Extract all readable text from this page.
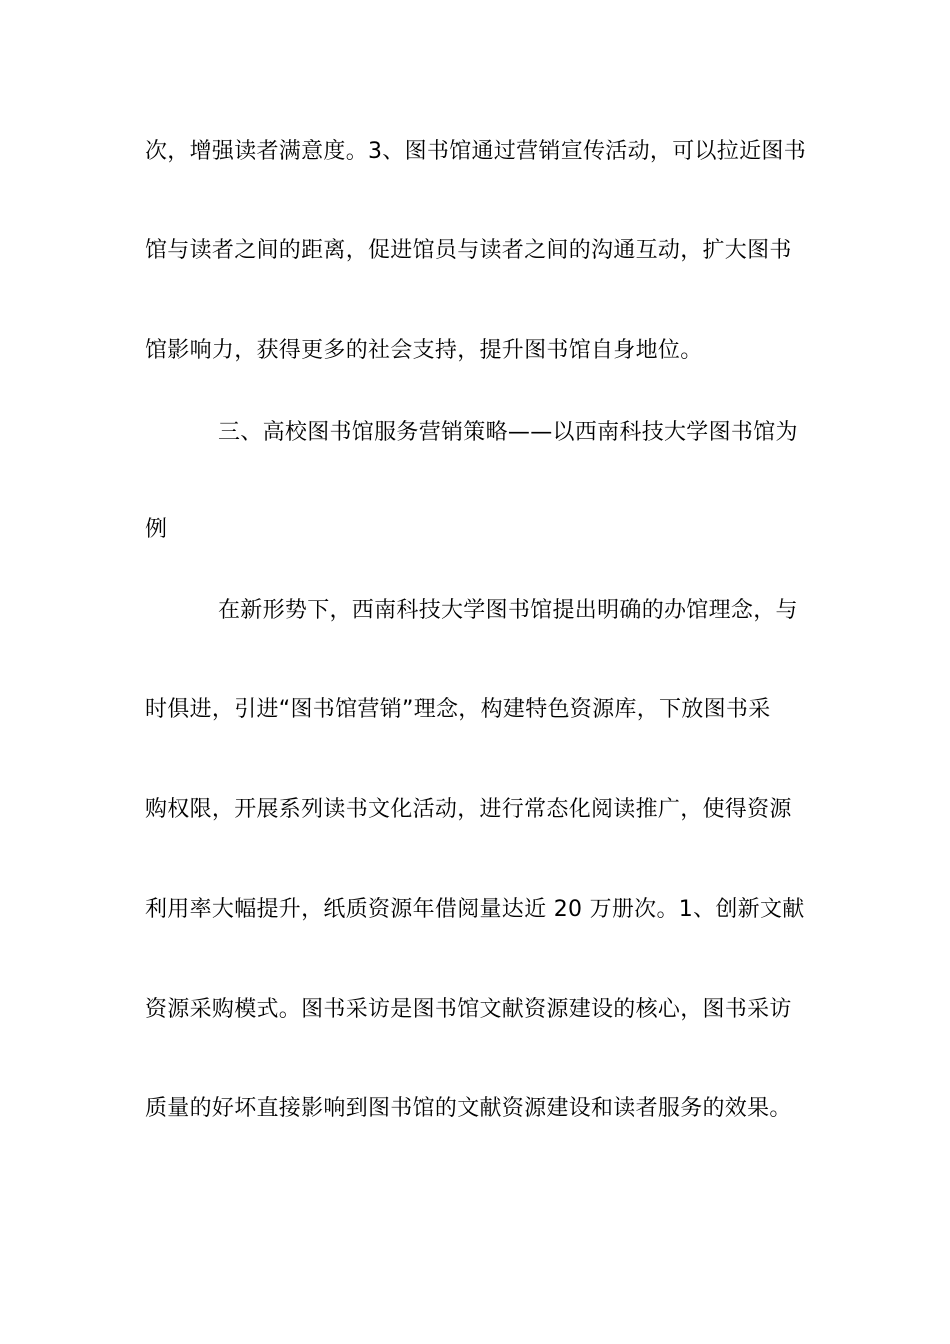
次，增强读者满意度。3、图书馆通过营销宣传活动，可以拉近图书
馆与读者之间的距离，促进馆员与读者之间的沟通互动，扩大图书
馆影响力，获得更多的社会支持，提升图书馆自身地位。
三、高校图书馆服务营销策略——以西南科技大学图书馆为
例
在新形势下，西南科技大学图书馆提出明确的办馆理念，与
时俱进，引进“图书馆营销”理念，构建特色资源库，下放图书采
购权限，开展系列读书文化活动，进行常态化阅读推广，使得资源
利用率大幅提升，纸质资源年借阅量达近 20 万册次。1、创新文献
资源采购模式。图书采访是图书馆文献资源建设的核心，图书采访
质量的好坏直接影响到图书馆的文献资源建设和读者服务的效果。
